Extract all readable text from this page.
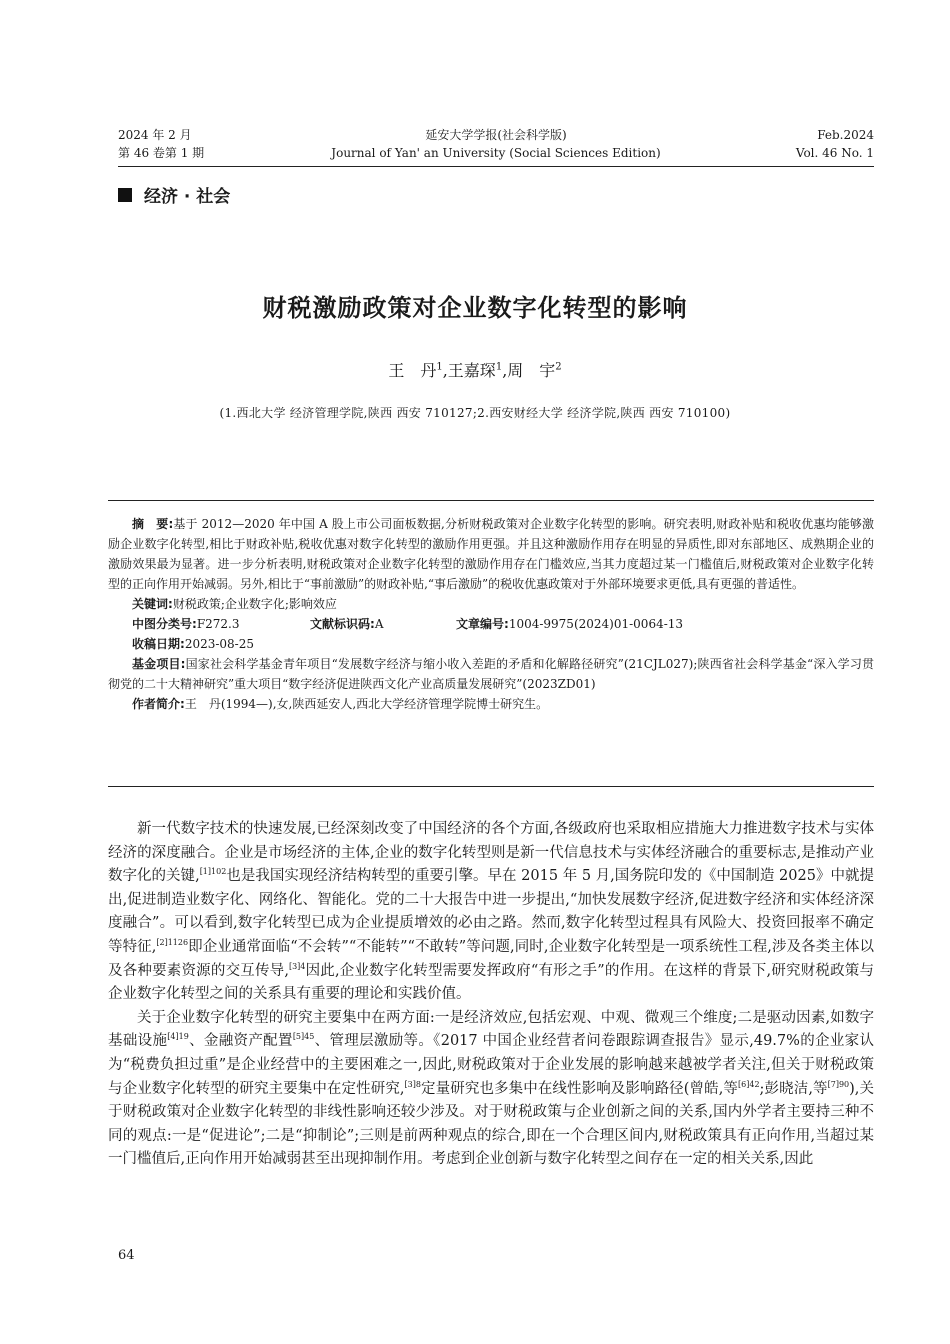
2024 年 2 月	延安大学学报(社会科学版)	Feb.2024
第 46 卷第 1 期	Journal of Yan' an University (Social Sciences Edition)	Vol. 46 No. 1
经济 · 社会
财税激励政策对企业数字化转型的影响
王　丹$^1$,王嘉琛$^1$,周　宇$^2$
(1.西北大学 经济管理学院,陕西 西安 710127;2.西安财经大学 经济学院,陕西 西安 710100)

摘　要:基于 2012—2020 年中国 A 股上市公司面板数据,分析财税政策对企业数字化转型的影响。研究表明,财政补贴和税收优惠均能够激励企业数字化转型,相比于财政补贴,税收优惠对数字化转型的激励作用更强。并且这种激励作用存在明显的异质性,即对东部地区、成熟期企业的激励效果最为显著。进一步分析表明,财税政策对企业数字化转型的激励作用存在门槛效应,当其力度超过某一门槛值后,财税政策对企业数字化转型的正向作用开始减弱。另外,相比于“事前激励”的财政补贴,“事后激励”的税收优惠政策对于外部环境要求更低,具有更强的普适性。

关键词:财税政策;企业数字化;影响效应

中图分类号:F272.3	文献标识码:A	文章编号:1004-9975(2024)01-0064-13

收稿日期:2023-08-25

基金项目:国家社会科学基金青年项目“发展数字经济与缩小收入差距的矛盾和化解路径研究”(21CJL027);陕西省社会科学基金“深入学习贯彻党的二十大精神研究”重大项目“数字经济促进陕西文化产业高质量发展研究”(2023ZD01)

作者简介:王　丹(1994—),女,陕西延安人,西北大学经济管理学院博士研究生。

新一代数字技术的快速发展,已经深刻改变了中国经济的各个方面,各级政府也采取相应措施大力推进数字技术与实体经济的深度融合。企业是市场经济的主体,企业的数字化转型则是新一代信息技术与实体经济融合的重要标志,是推动产业数字化的关键,$^{[1]102}$也是我国实现经济结构转型的重要引擎。早在 2015 年 5 月,国务院印发的《中国制造 2025》中就提出,促进制造业数字化、网络化、智能化。党的二十大报告中进一步提出,“加快发展数字经济,促进数字经济和实体经济深度融合”。可以看到,数字化转型已成为企业提质增效的必由之路。然而,数字化转型过程具有风险大、投资回报率不确定等特征,$^{[2]1126}$即企业通常面临“不会转”“不能转”“不敢转”等问题,同时,企业数字化转型是一项系统性工程,涉及各类主体以及各种要素资源的交互传导,$^{[3]4}$因此,企业数字化转型需要发挥政府“有形之手”的作用。在这样的背景下,研究财税政策与企业数字化转型之间的关系具有重要的理论和实践价值。

关于企业数字化转型的研究主要集中在两方面:一是经济效应,包括宏观、中观、微观三个维度;二是驱动因素,如数字基础设施$^{[4]19}$、金融资产配置$^{[5]45}$、管理层激励等。《2017 中国企业经营者问卷跟踪调查报告》显示,49.7%的企业家认为“税费负担过重”是企业经营中的主要困难之一,因此,财税政策对于企业发展的影响越来越被学者关注,但关于财税政策与企业数字化转型的研究主要集中在定性研究,$^{[3]8}$定量研究也多集中在线性影响及影响路径(曾皓,等$^{[6]42}$;彭晓洁,等$^{[7]90}$),关于财税政策对企业数字化转型的非线性影响还较少涉及。对于财税政策与企业创新之间的关系,国内外学者主要持三种不同的观点:一是“促进论”;二是“抑制论”;三则是前两种观点的综合,即在一个合理区间内,财税政策具有正向作用,当超过某一门槛值后,正向作用开始减弱甚至出现抑制作用。考虑到企业创新与数字化转型之间存在一定的相关关系,因此

64
